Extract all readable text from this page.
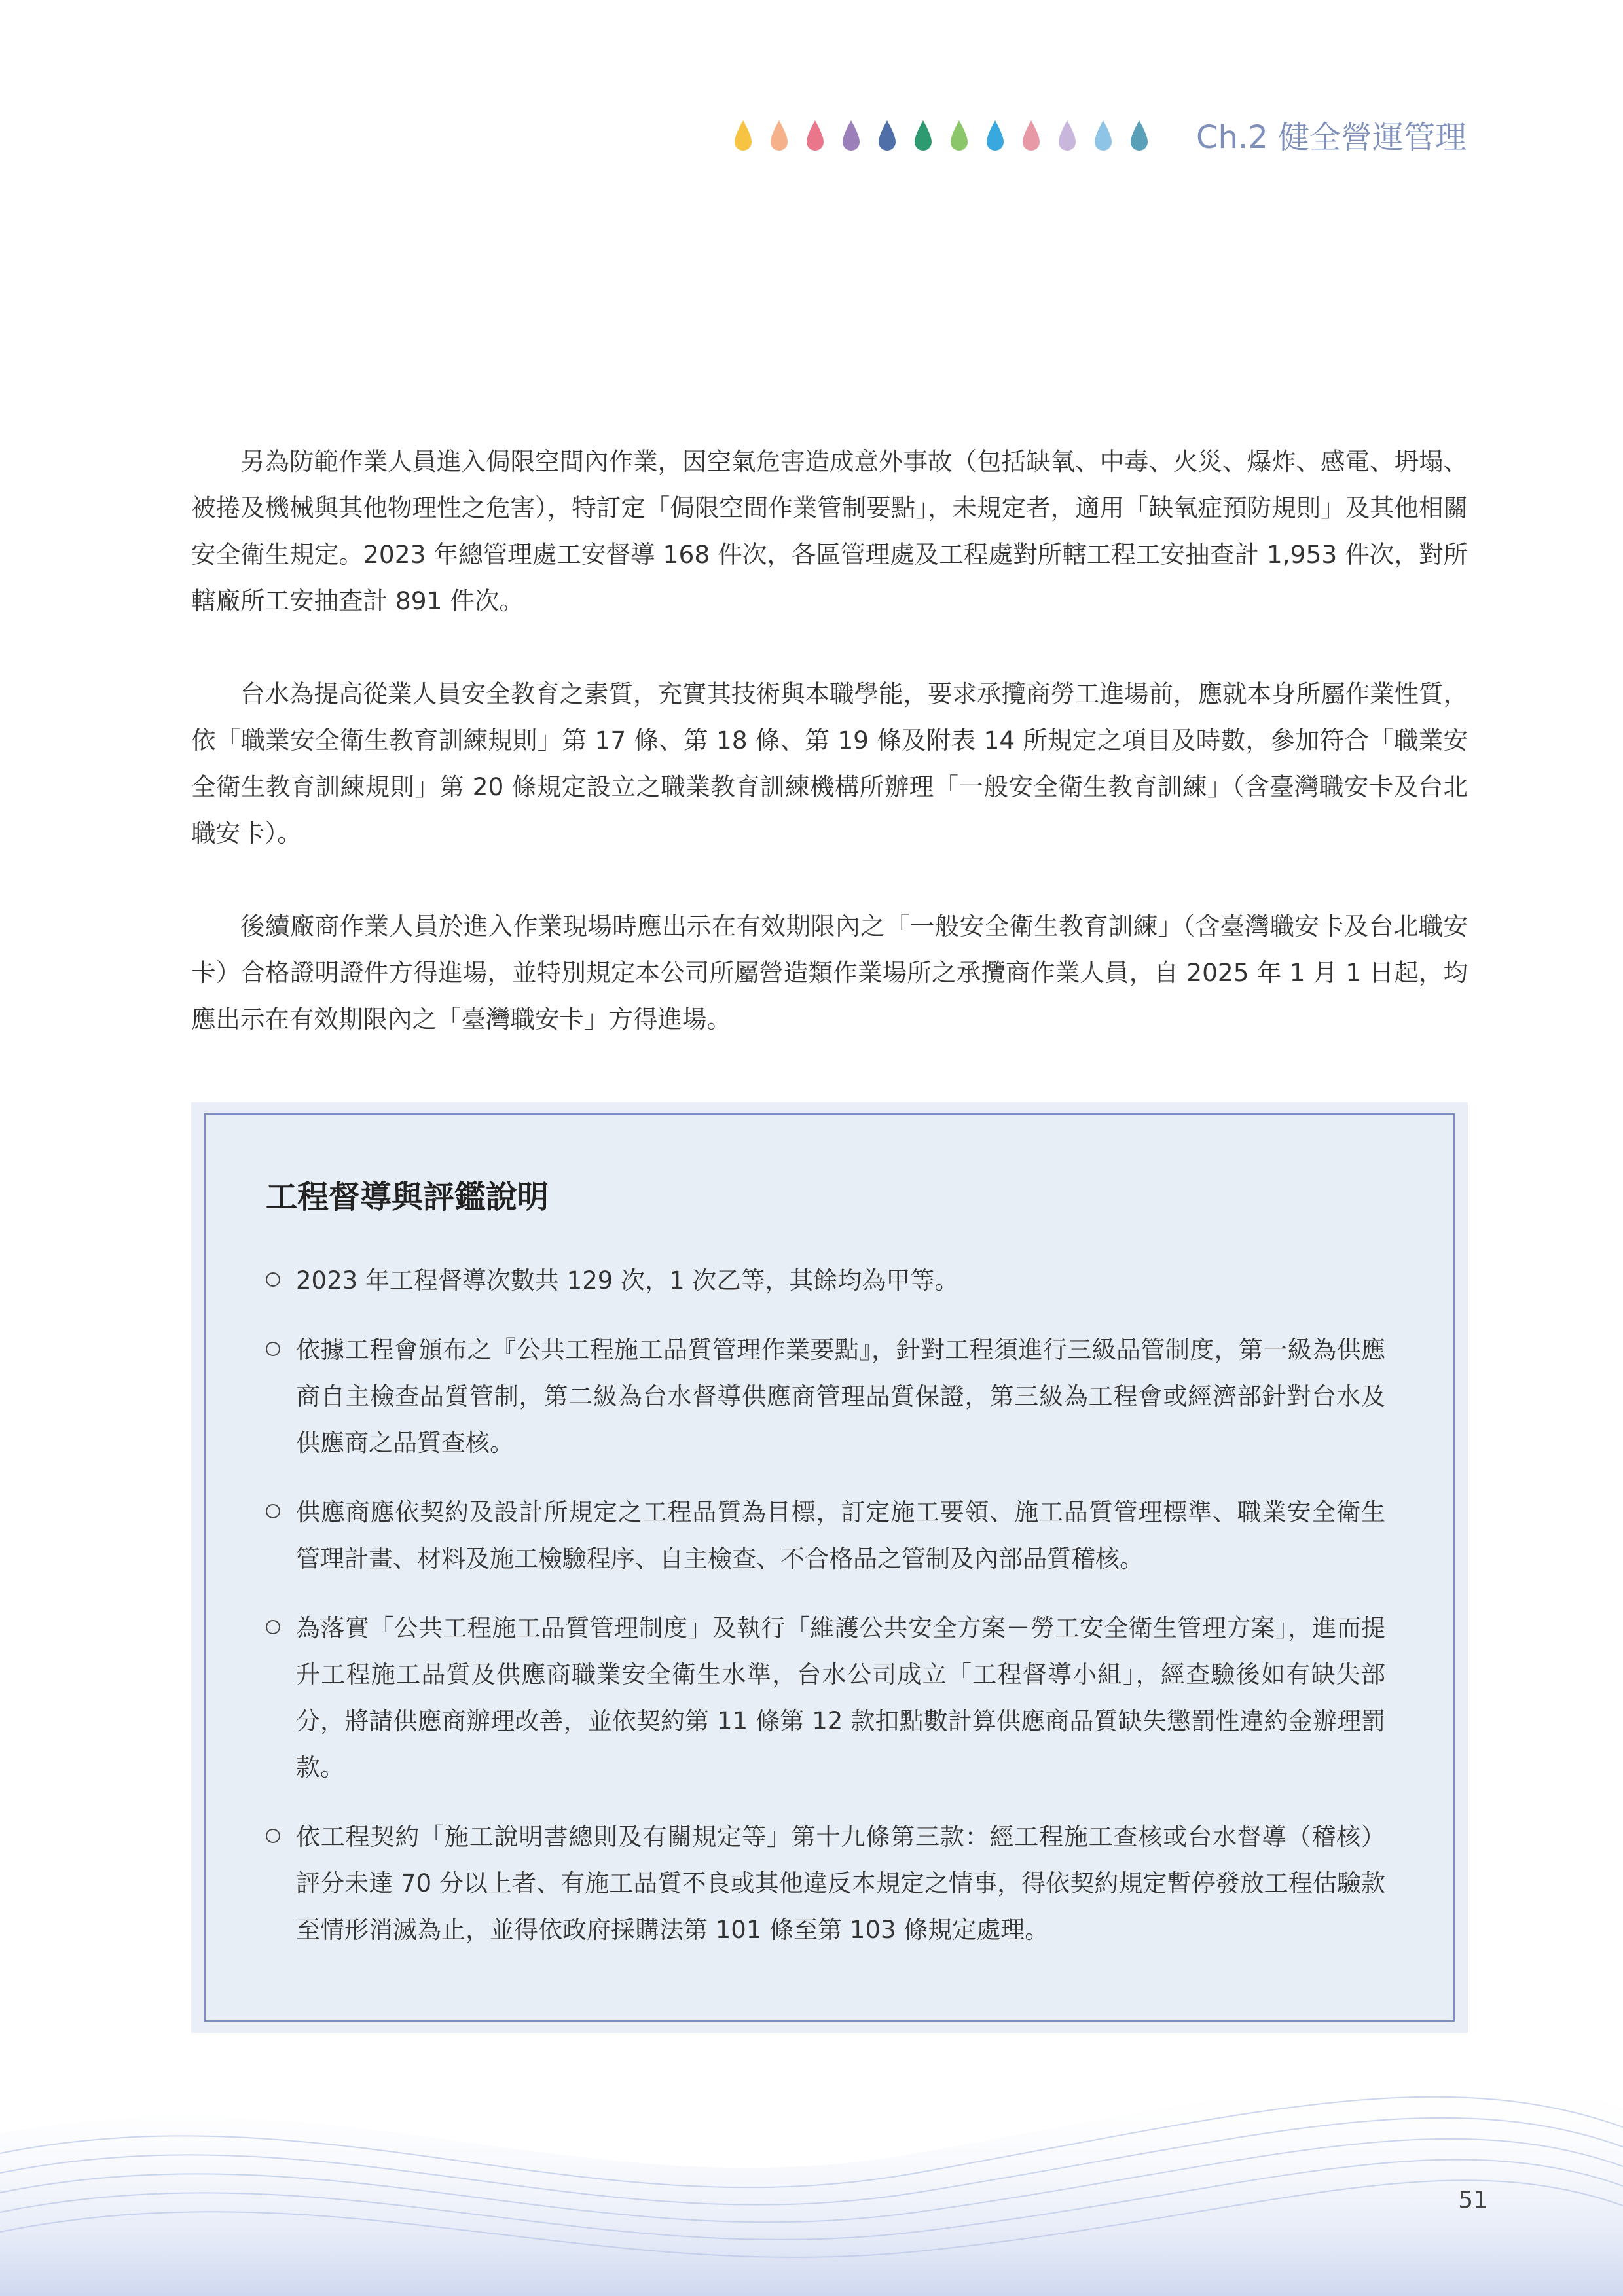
Ch.2 健全營運管理

另為防範作業人員進入侷限空間內作業，因空氣危害造成意外事故（包括缺氧、中毒、火災、爆炸、感電、坍塌、被捲及機械與其他物理性之危害），特訂定「侷限空間作業管制要點」，未規定者，適用「缺氧症預防規則」及其他相關安全衛生規定。2023 年總管理處工安督導 168 件次，各區管理處及工程處對所轄工程工安抽查計 1,953 件次，對所轄廠所工安抽查計 891 件次。

台水為提高從業人員安全教育之素質，充實其技術與本職學能，要求承攬商勞工進場前，應就本身所屬作業性質，依「職業安全衛生教育訓練規則」第 17 條、第 18 條、第 19 條及附表 14 所規定之項目及時數，參加符合「職業安全衛生教育訓練規則」第 20 條規定設立之職業教育訓練機構所辦理「一般安全衛生教育訓練」（含臺灣職安卡及台北職安卡）。

後續廠商作業人員於進入作業現場時應出示在有效期限內之「一般安全衛生教育訓練」（含臺灣職安卡及台北職安卡）合格證明證件方得進場，並特別規定本公司所屬營造類作業場所之承攬商作業人員，自 2025 年 1 月 1 日起，均應出示在有效期限內之「臺灣職安卡」方得進場。

工程督導與評鑑說明
2023 年工程督導次數共 129 次，1 次乙等，其餘均為甲等。
依據工程會頒布之『公共工程施工品質管理作業要點』，針對工程須進行三級品管制度，第一級為供應商自主檢查品質管制，第二級為台水督導供應商管理品質保證，第三級為工程會或經濟部針對台水及供應商之品質查核。
供應商應依契約及設計所規定之工程品質為目標，訂定施工要領、施工品質管理標準、職業安全衛生管理計畫、材料及施工檢驗程序、自主檢查、不合格品之管制及內部品質稽核。
為落實「公共工程施工品質管理制度」及執行「維護公共安全方案－勞工安全衛生管理方案」，進而提升工程施工品質及供應商職業安全衛生水準，台水公司成立「工程督導小組」，經查驗後如有缺失部分，將請供應商辦理改善，並依契約第 11 條第 12 款扣點數計算供應商品質缺失懲罰性違約金辦理罰款。
依工程契約「施工說明書總則及有關規定等」第十九條第三款：經工程施工查核或台水督導（稽核）評分未達 70 分以上者、有施工品質不良或其他違反本規定之情事，得依契約規定暫停發放工程估驗款至情形消滅為止，並得依政府採購法第 101 條至第 103 條規定處理。
51
